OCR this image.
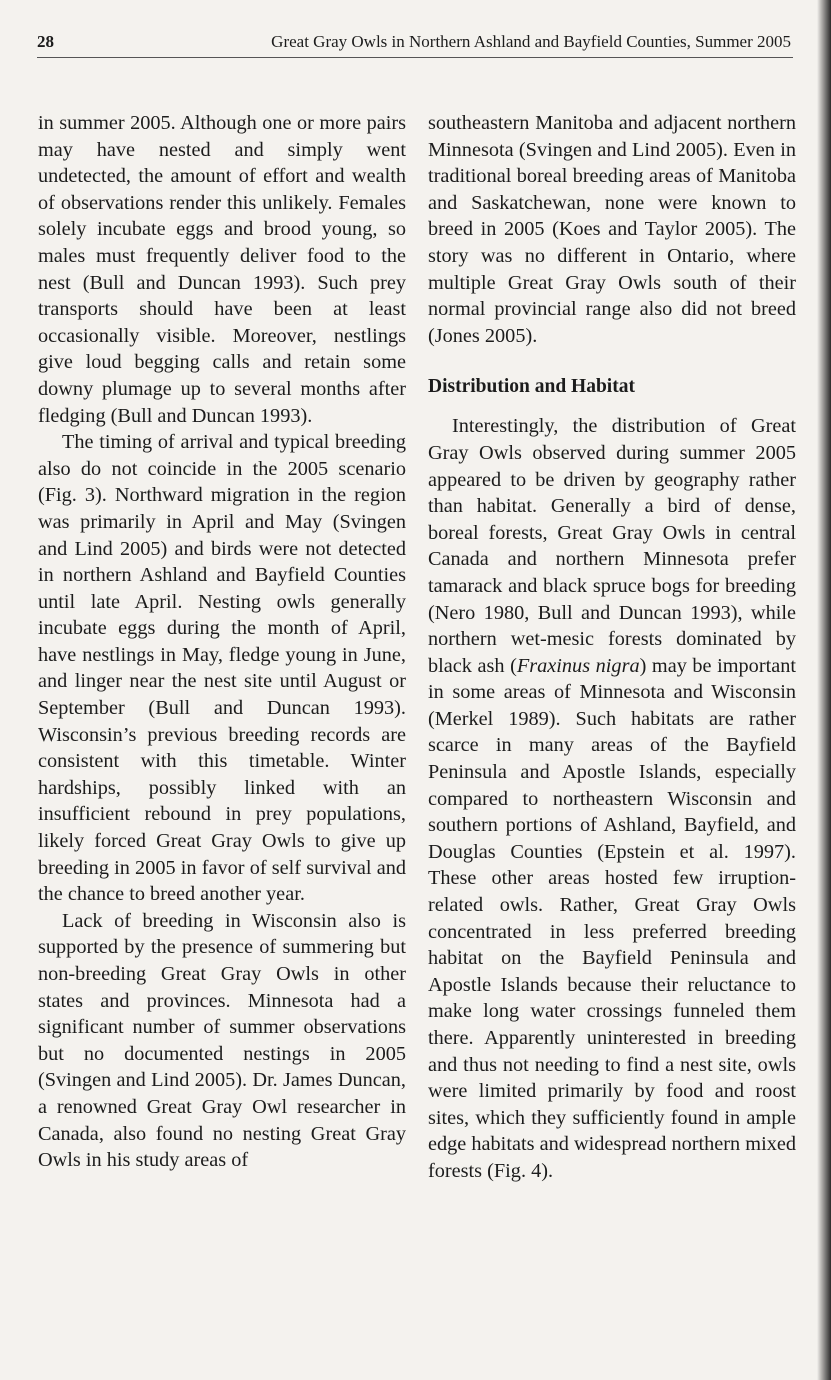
28	Great Gray Owls in Northern Ashland and Bayfield Counties, Summer 2005

in summer 2005. Although one or more pairs may have nested and simply went undetected, the amount of effort and wealth of observations render this unlikely. Females solely incubate eggs and brood young, so males must frequently deliver food to the nest (Bull and Duncan 1993). Such prey transports should have been at least occasionally visible. Moreover, nestlings give loud begging calls and retain some downy plumage up to several months after fledging (Bull and Duncan 1993).

The timing of arrival and typical breeding also do not coincide in the 2005 scenario (Fig. 3). Northward migration in the region was primarily in April and May (Svingen and Lind 2005) and birds were not detected in northern Ashland and Bayfield Counties until late April. Nesting owls generally incubate eggs during the month of April, have nestlings in May, fledge young in June, and linger near the nest site until August or September (Bull and Duncan 1993). Wisconsin’s previous breeding records are consistent with this timetable. Winter hardships, possibly linked with an insufficient rebound in prey populations, likely forced Great Gray Owls to give up breeding in 2005 in favor of self survival and the chance to breed another year.

Lack of breeding in Wisconsin also is supported by the presence of summering but non-breeding Great Gray Owls in other states and provinces. Minnesota had a significant number of summer observations but no documented nestings in 2005 (Svingen and Lind 2005). Dr. James Duncan, a renowned Great Gray Owl researcher in Canada, also found no nesting Great Gray Owls in his study areas of

southeastern Manitoba and adjacent northern Minnesota (Svingen and Lind 2005). Even in traditional boreal breeding areas of Manitoba and Saskatchewan, none were known to breed in 2005 (Koes and Taylor 2005). The story was no different in Ontario, where multiple Great Gray Owls south of their normal provincial range also did not breed (Jones 2005).

Distribution and Habitat

Interestingly, the distribution of Great Gray Owls observed during summer 2005 appeared to be driven by geography rather than habitat. Generally a bird of dense, boreal forests, Great Gray Owls in central Canada and northern Minnesota prefer tamarack and black spruce bogs for breeding (Nero 1980, Bull and Duncan 1993), while northern wet-mesic forests dominated by black ash (Fraxinus nigra) may be important in some areas of Minnesota and Wisconsin (Merkel 1989). Such habitats are rather scarce in many areas of the Bayfield Peninsula and Apostle Islands, especially compared to northeastern Wisconsin and southern portions of Ashland, Bayfield, and Douglas Counties (Epstein et al. 1997). These other areas hosted few irruption-related owls. Rather, Great Gray Owls concentrated in less preferred breeding habitat on the Bayfield Peninsula and Apostle Islands because their reluctance to make long water crossings funneled them there. Apparently uninterested in breeding and thus not needing to find a nest site, owls were limited primarily by food and roost sites, which they sufficiently found in ample edge habitats and widespread northern mixed forests (Fig. 4).
